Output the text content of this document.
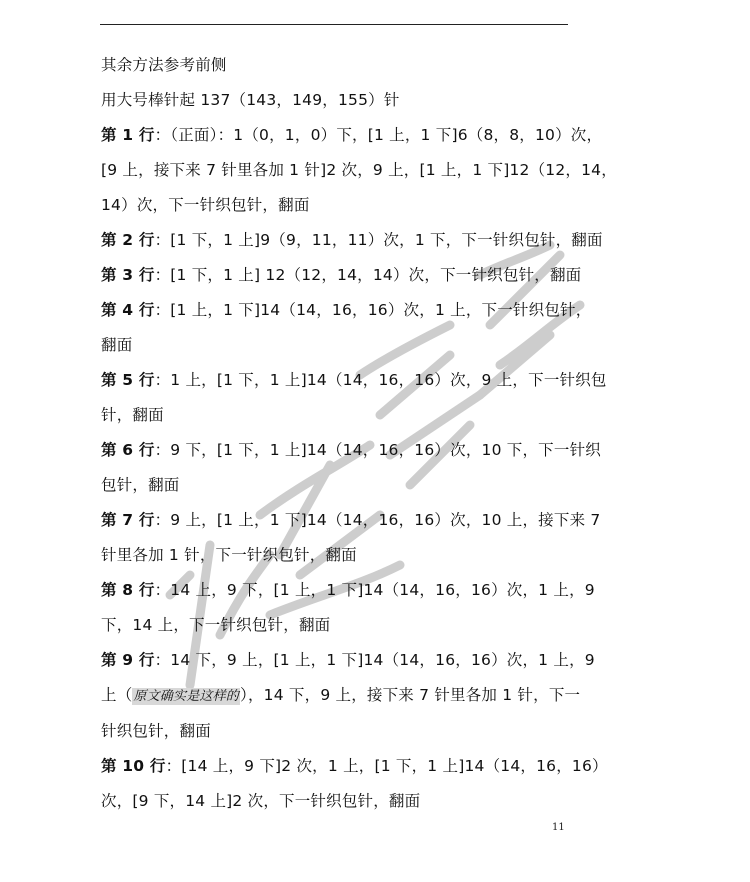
其余方法参考前侧
用大号棒针起 137（143，149，155）针
第 1 行：（正面）：1（0，1，0）下，[1 上，1 下]6（8，8，10）次，
[9 上，接下来 7 针里各加 1 针]2 次，9 上，[1 上，1 下]12（12，14，
14）次，下一针织包针，翻面
第 2 行：[1 下，1 上]9（9，11，11）次，1 下，下一针织包针，翻面
第 3 行：[1 下，1 上] 12（12，14，14）次，下一针织包针，翻面
第 4 行：[1 上，1 下]14（14，16，16）次，1 上，下一针织包针，
翻面
第 5 行：1 上，[1 下，1 上]14（14，16，16）次，9 上，下一针织包
针，翻面
第 6 行：9 下，[1 下，1 上]14（14，16，16）次，10 下，下一针织
包针，翻面
第 7 行：9 上，[1 上，1 下]14（14，16，16）次，10 上，接下来 7
针里各加 1 针，下一针织包针，翻面
第 8 行：14 上，9 下，[1 上，1 下]14（14，16，16）次，1 上，9
下，14 上，下一针织包针，翻面
第 9 行：14 下，9 上，[1 上，1 下]14（14，16，16）次，1 上，9
上（原文确实是这样的），14 下，9 上，接下来 7 针里各加 1 针，下一
针织包针，翻面
第 10 行：[14 上，9 下]2 次，1 上，[1 下，1 上]14（14，16，16）
次，[9 下，14 上]2 次，下一针织包针，翻面
11
